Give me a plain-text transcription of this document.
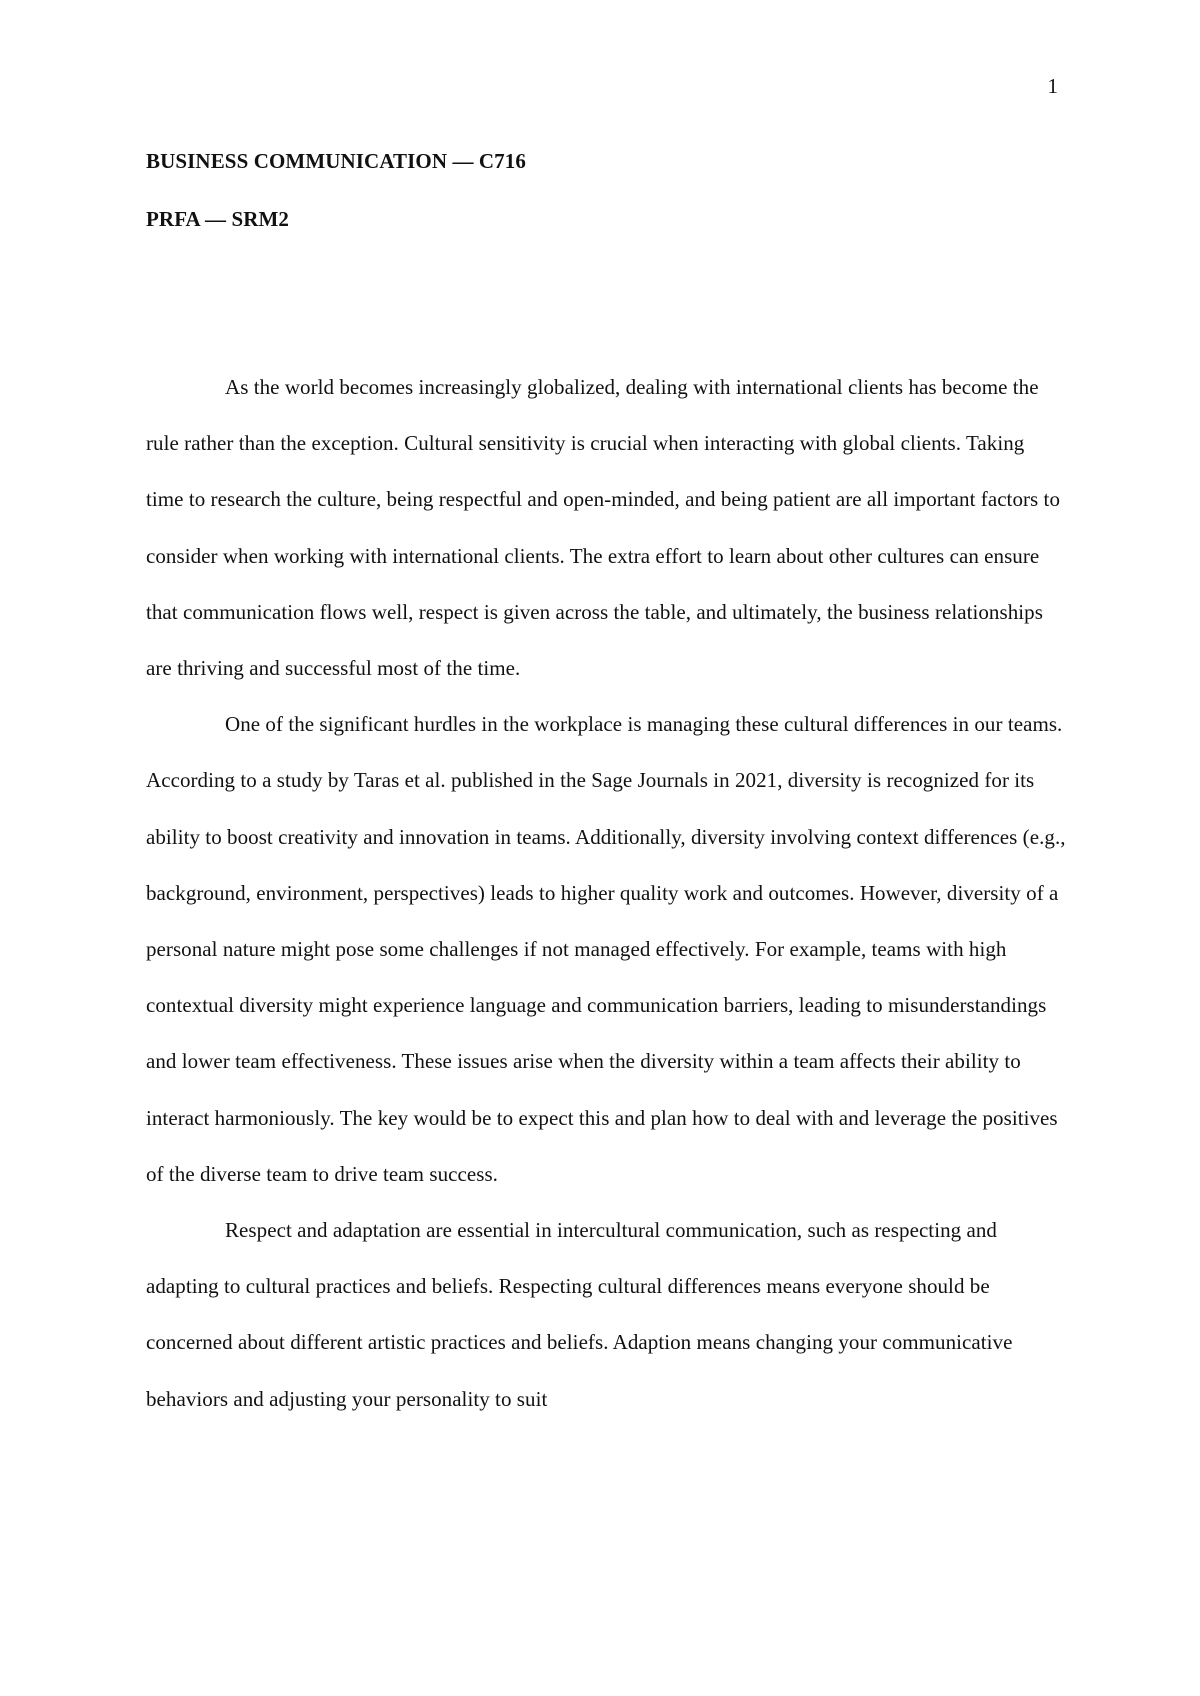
1
BUSINESS COMMUNICATION — C716
PRFA — SRM2

As the world becomes increasingly globalized, dealing with international clients has become the rule rather than the exception. Cultural sensitivity is crucial when interacting with global clients. Taking time to research the culture, being respectful and open-minded, and being patient are all important factors to consider when working with international clients. The extra effort to learn about other cultures can ensure that communication flows well, respect is given across the table, and ultimately, the business relationships are thriving and successful most of the time.

One of the significant hurdles in the workplace is managing these cultural differences in our teams. According to a study by Taras et al. published in the Sage Journals in 2021, diversity is recognized for its ability to boost creativity and innovation in teams. Additionally, diversity involving context differences (e.g., background, environment, perspectives) leads to higher quality work and outcomes. However, diversity of a personal nature might pose some challenges if not managed effectively. For example, teams with high contextual diversity might experience language and communication barriers, leading to misunderstandings and lower team effectiveness. These issues arise when the diversity within a team affects their ability to interact harmoniously. The key would be to expect this and plan how to deal with and leverage the positives of the diverse team to drive team success.

Respect and adaptation are essential in intercultural communication, such as respecting and adapting to cultural practices and beliefs. Respecting cultural differences means everyone should be concerned about different artistic practices and beliefs. Adaption means changing your communicative behaviors and adjusting your personality to suit
